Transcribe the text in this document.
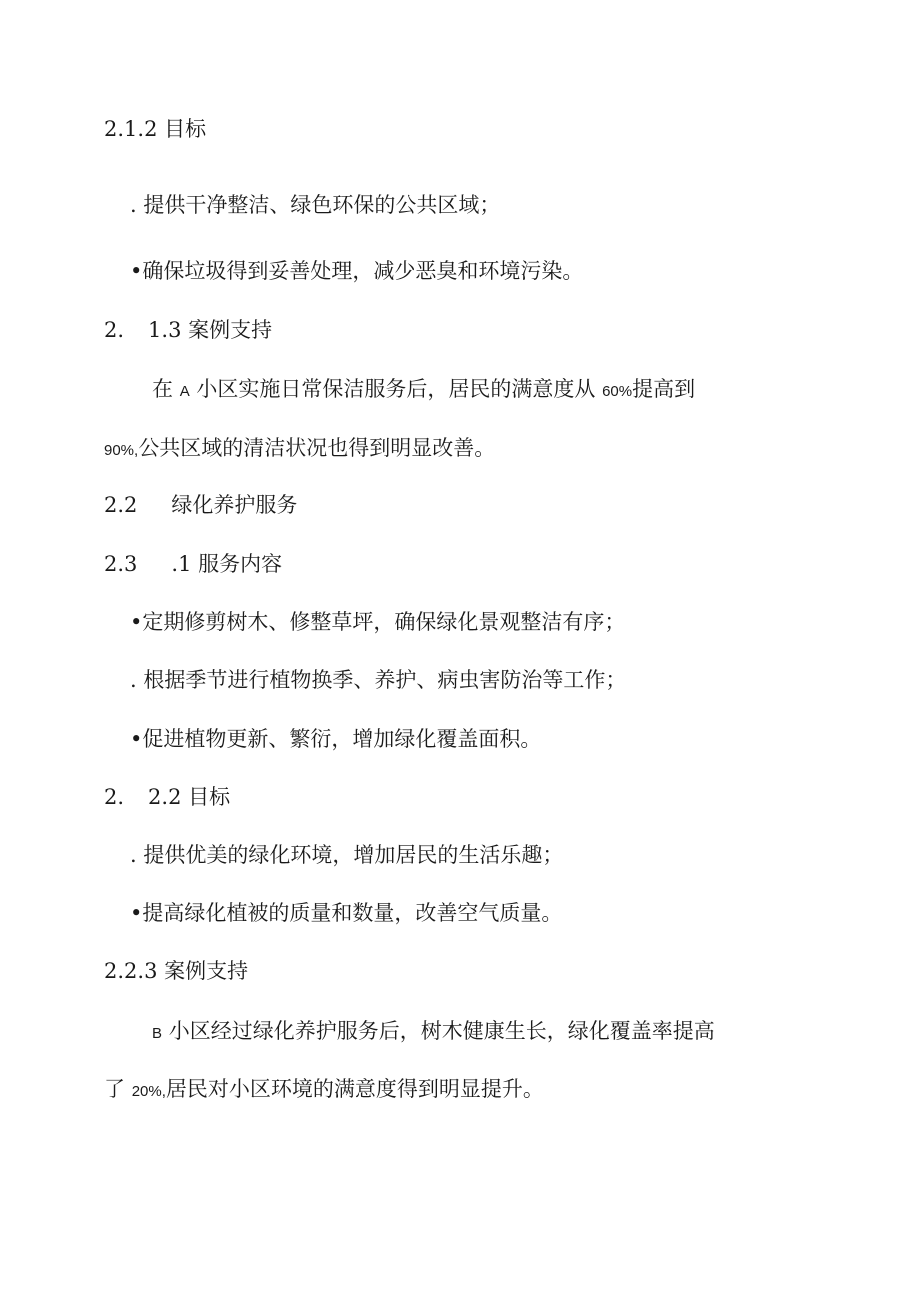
2.1.2 目标
. 提供干净整洁、绿色环保的公共区域；
•确保垃圾得到妥善处理，减少恶臭和环境污染。
2. 1.3 案例支持
在 A 小区实施日常保洁服务后，居民的满意度从 60%提高到
90%,公共区域的清洁状况也得到明显改善。
2.2 绿化养护服务
2.3 .1 服务内容
•定期修剪树木、修整草坪，确保绿化景观整洁有序；
. 根据季节进行植物换季、养护、病虫害防治等工作；
•促进植物更新、繁衍，增加绿化覆盖面积。
2. 2.2 目标
. 提供优美的绿化环境，增加居民的生活乐趣；
•提高绿化植被的质量和数量，改善空气质量。
2.2.3 案例支持
B 小区经过绿化养护服务后，树木健康生长，绿化覆盖率提高
了 20%,居民对小区环境的满意度得到明显提升。
